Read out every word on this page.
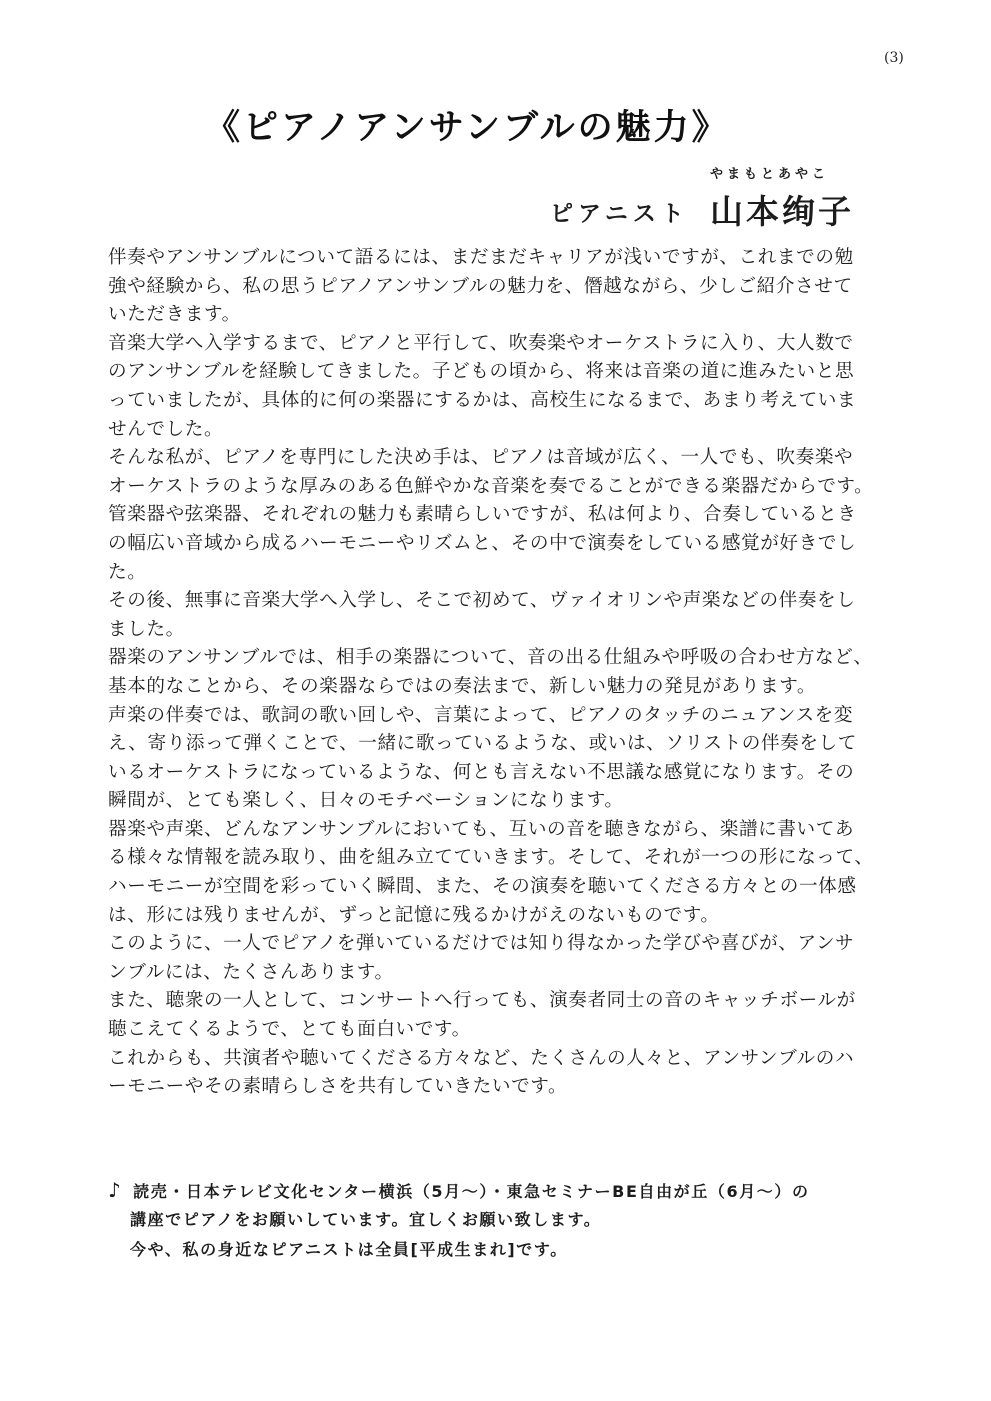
(3)
《ピアノアンサンブルの魅力》
やまもとあやこ
ピアニスト 山本绚子
伴奏やアンサンブルについて語るには、まだまだキャリアが浅いですが、これまでの勉
強や経験から、私の思うピアノアンサンブルの魅力を、僭越ながら、少しご紹介させて
いただきます。
音楽大学へ入学するまで、ピアノと平行して、吹奏楽やオーケストラに入り、大人数で
のアンサンブルを経験してきました。子どもの頃から、将来は音楽の道に進みたいと思
っていましたが、具体的に何の楽器にするかは、高校生になるまで、あまり考えていま
せんでした。
そんな私が、ピアノを専門にした決め手は、ピアノは音域が広く、一人でも、吹奏楽や
オーケストラのような厚みのある色鮮やかな音楽を奏でることができる楽器だからです。
管楽器や弦楽器、それぞれの魅力も素晴らしいですが、私は何より、合奏しているとき
の幅広い音域から成るハーモニーやリズムと、その中で演奏をしている感覚が好きでし
た。
その後、無事に音楽大学へ入学し、そこで初めて、ヴァイオリンや声楽などの伴奏をし
ました。
器楽のアンサンブルでは、相手の楽器について、音の出る仕組みや呼吸の合わせ方など、
基本的なことから、その楽器ならではの奏法まで、新しい魅力の発見があります。
声楽の伴奏では、歌詞の歌い回しや、言葉によって、ピアノのタッチのニュアンスを変
え、寄り添って弾くことで、一緒に歌っているような、或いは、ソリストの伴奏をして
いるオーケストラになっているような、何とも言えない不思議な感覚になります。その
瞬間が、とても楽しく、日々のモチベーションになります。
器楽や声楽、どんなアンサンブルにおいても、互いの音を聴きながら、楽譜に書いてあ
る様々な情報を読み取り、曲を組み立てていきます。そして、それが一つの形になって、
ハーモニーが空間を彩っていく瞬間、また、その演奏を聴いてくださる方々との一体感
は、形には残りませんが、ずっと記憶に残るかけがえのないものです。
このように、一人でピアノを弾いているだけでは知り得なかった学びや喜びが、アンサ
ンブルには、たくさんあります。
また、聴衆の一人として、コンサートへ行っても、演奏者同士の音のキャッチボールが
聴こえてくるようで、とても面白いです。
これからも、共演者や聴いてくださる方々など、たくさんの人々と、アンサンブルのハ
ーモニーやその素晴らしさを共有していきたいです。
♪ 読売・日本テレビ文化センター横浜（5月～）・東急セミナーBE自由が丘（6月～）の
講座でピアノをお願いしています。宜しくお願い致します。
今や、私の身近なピアニストは全員[平成生まれ]です。
